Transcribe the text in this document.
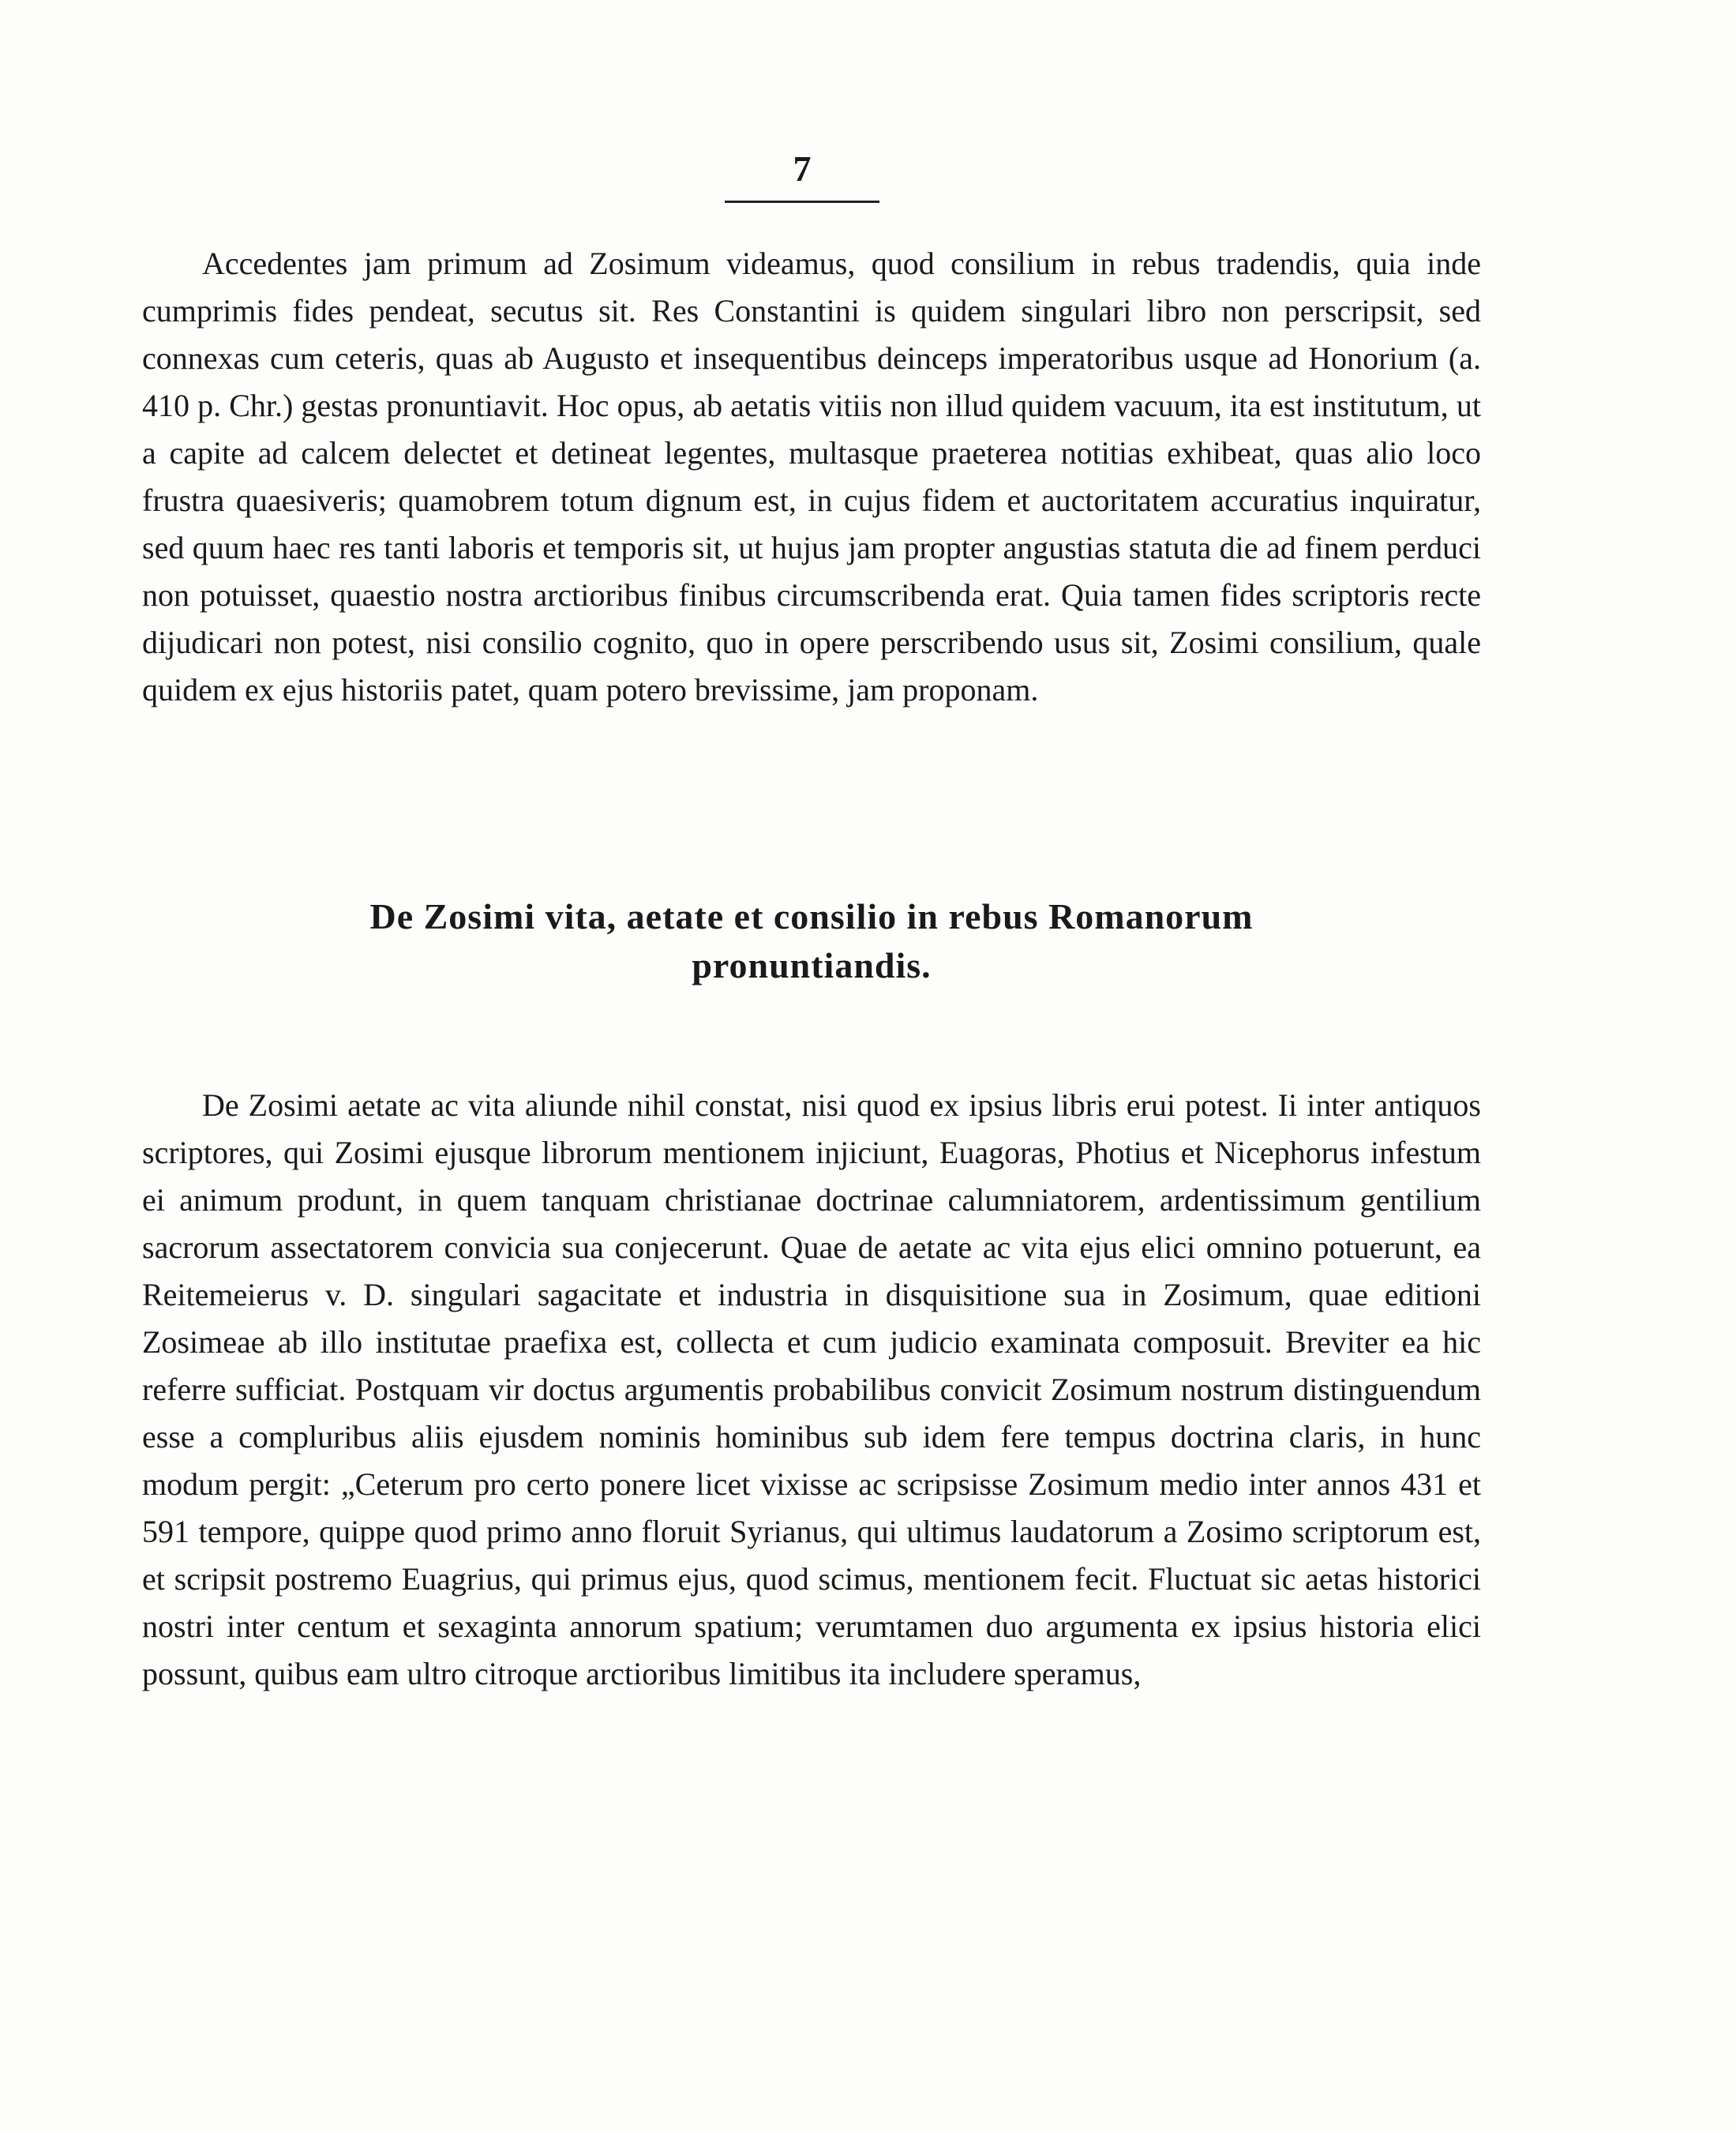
7

Accedentes jam primum ad Zosimum videamus, quod consilium in rebus tradendis, quia inde cumprimis fides pendeat, secutus sit. Res Constantini is quidem singulari libro non perscripsit, sed connexas cum ceteris, quas ab Augusto et insequentibus deinceps imperatoribus usque ad Honorium (a. 410 p. Chr.) gestas pronuntiavit. Hoc opus, ab aetatis vitiis non illud quidem vacuum, ita est institutum, ut a capite ad calcem delectet et detineat legentes, multasque praeterea notitias exhibeat, quas alio loco frustra quaesiveris; quamobrem totum dignum est, in cujus fidem et auctoritatem accuratius inquiratur, sed quum haec res tanti laboris et temporis sit, ut hujus jam propter angustias statuta die ad finem perduci non potuisset, quaestio nostra arctioribus finibus circumscribenda erat. Quia tamen fides scriptoris recte dijudicari non potest, nisi consilio cognito, quo in opere perscribendo usus sit, Zosimi consilium, quale quidem ex ejus historiis patet, quam potero brevissime, jam proponam.

De Zosimi vita, aetate et consilio in rebus Romanorum
pronuntiandis.

De Zosimi aetate ac vita aliunde nihil constat, nisi quod ex ipsius libris erui potest. Ii inter antiquos scriptores, qui Zosimi ejusque librorum mentionem injiciunt, Euagoras, Photius et Nicephorus infestum ei animum produnt, in quem tanquam christianae doctrinae calumniatorem, ardentissimum gentilium sacrorum assectatorem convicia sua conjecerunt. Quae de aetate ac vita ejus elici omnino potuerunt, ea Reitemeierus v. D. singulari sagacitate et industria in disquisitione sua in Zosimum, quae editioni Zosimeae ab illo institutae praefixa est, collecta et cum judicio examinata composuit. Breviter ea hic referre sufficiat. Postquam vir doctus argumentis probabilibus convicit Zosimum nostrum distinguendum esse a compluribus aliis ejusdem nominis hominibus sub idem fere tempus doctrina claris, in hunc modum pergit: „Ceterum pro certo ponere licet vixisse ac scripsisse Zosimum medio inter annos 431 et 591 tempore, quippe quod primo anno floruit Syrianus, qui ultimus laudatorum a Zosimo scriptorum est, et scripsit postremo Euagrius, qui primus ejus, quod scimus, mentionem fecit. Fluctuat sic aetas historici nostri inter centum et sexaginta annorum spatium; verumtamen duo argumenta ex ipsius historia elici possunt, quibus eam ultro citroque arctioribus limitibus ita includere speramus,
